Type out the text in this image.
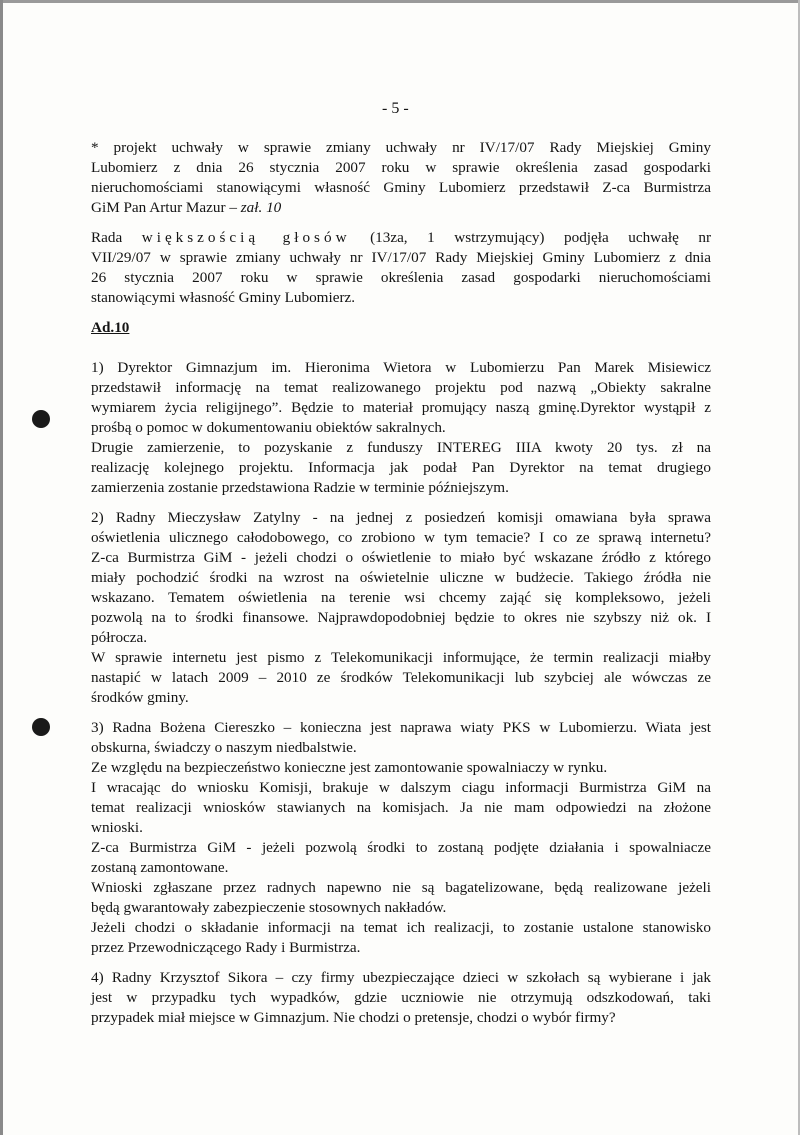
- 5 -
* projekt uchwały w sprawie zmiany uchwały nr IV/17/07 Rady Miejskiej Gminy
Lubomierz z dnia 26 stycznia 2007 roku w sprawie określenia zasad gospodarki
nieruchomościami stanowiącymi własność Gminy Lubomierz przedstawił Z-ca Burmistrza
GiM Pan Artur Mazur – zał. 10
Rada większością głosów (13za, 1 wstrzymujący) podjęła uchwałę nr
VII/29/07 w sprawie zmiany uchwały nr IV/17/07 Rady Miejskiej Gminy Lubomierz z dnia
26 stycznia 2007 roku w sprawie określenia zasad gospodarki nieruchomościami
stanowiącymi własność Gminy Lubomierz.
Ad.10
1) Dyrektor Gimnazjum im. Hieronima Wietora w Lubomierzu Pan Marek Misiewicz
przedstawił informację na temat realizowanego projektu pod nazwą „Obiekty sakralne
wymiarem życia religijnego”. Będzie to materiał promujący naszą gminę.Dyrektor wystąpił z
prośbą o pomoc w dokumentowaniu obiektów sakralnych.
Drugie zamierzenie, to pozyskanie z funduszy INTEREG IIIA kwoty 20 tys. zł na
realizację kolejnego projektu. Informacja jak podał Pan Dyrektor na temat drugiego
zamierzenia zostanie przedstawiona Radzie w terminie późniejszym.
2) Radny Mieczysław Zatylny - na jednej z posiedzeń komisji omawiana była sprawa
oświetlenia ulicznego całodobowego, co zrobiono w tym temacie? I co ze sprawą internetu?
Z-ca Burmistrza GiM - jeżeli chodzi o oświetlenie to miało być wskazane źródło z którego
miały pochodzić środki na wzrost na oświetelnie uliczne w budżecie. Takiego źródła nie
wskazano. Tematem oświetlenia na terenie wsi chcemy zająć się kompleksowo, jeżeli
pozwolą na to środki finansowe. Najprawdopodobniej będzie to okres nie szybszy niż ok. I
półrocza.
W sprawie internetu jest pismo z Telekomunikacji informujące, że termin realizacji miałby
nastapić w latach 2009 – 2010 ze środków Telekomunikacji lub szybciej ale wówczas ze
środków gminy.
3) Radna Bożena Ciereszko – konieczna jest naprawa wiaty PKS w Lubomierzu. Wiata jest
obskurna, świadczy o naszym niedbalstwie.
Ze względu na bezpieczeństwo konieczne jest zamontowanie spowalniaczy w rynku.
I wracając do wniosku Komisji, brakuje w dalszym ciagu informacji Burmistrza GiM na
temat realizacji wniosków stawianych na komisjach. Ja nie mam odpowiedzi na złożone
wnioski.
Z-ca Burmistrza GiM - jeżeli pozwolą środki to zostaną podjęte działania i spowalniacze
zostaną zamontowane.
Wnioski zgłaszane przez radnych napewno nie są bagatelizowane, będą realizowane jeżeli
będą gwarantowały zabezpieczenie stosownych nakładów.
Jeżeli chodzi o składanie informacji na temat ich realizacji, to zostanie ustalone stanowisko
przez Przewodniczącego Rady i Burmistrza.
4) Radny Krzysztof Sikora – czy firmy ubezpieczające dzieci w szkołach są wybierane i jak
jest w przypadku tych wypadków, gdzie uczniowie nie otrzymują odszkodowań, taki
przypadek miał miejsce w Gimnazjum. Nie chodzi o pretensje, chodzi o wybór firmy?
